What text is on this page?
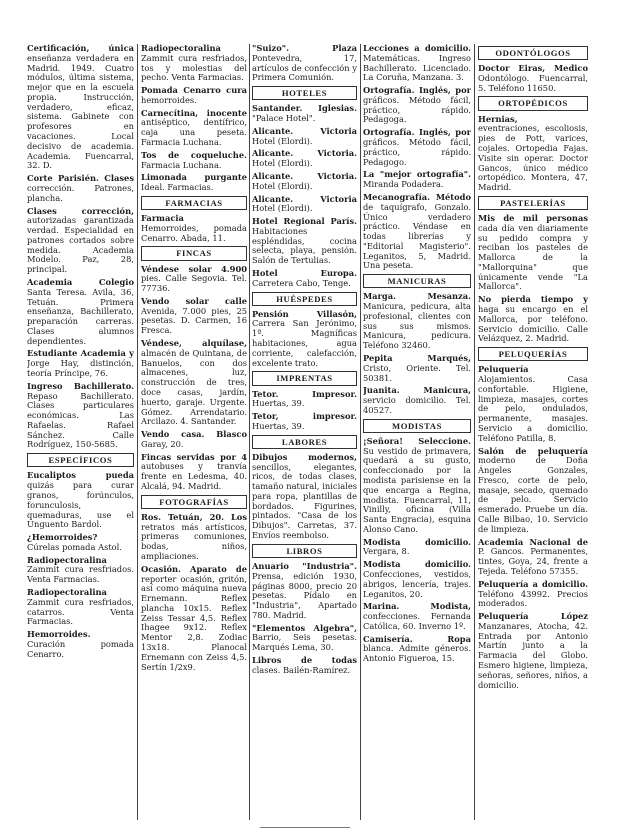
Certificación, única enseñanza verdadera en Madrid. 1949. Cuatro módulos, última sistema, mejor que en la escuela propia. Instrucción, verdadero, eficaz, sistema. Gabinete con profesores en vacaciones. Local decisivo de academia. Academia. Fuencarral, 32. D.
Corte Parisién. Clases corrección. Patrones, plancha.
Clases corrección, autorizadas garantizada verdad. Especialidad en patrones cortados sobre medida. Academia Modelo. Paz, 28, principal.
Academia Colegio Santa Teresa. Avila, 36, Tetuán. Primera enseñanza, Bachillerato, preparación carreras. Clases alumnos dependientes.
Estudiante Academia y Jorge Hay, distinción, teoría Príncipe, 76.
Ingreso Bachillerato. Repaso Bachillerato. Clases particulares económicas. Las Rafaelas. Rafael Sánchez. Calle Rodríguez, 150-5685.
ESPECÍFICOS
Eucaliptos pueda quizás para curar granos, forúnculos, forunculosis, quemaduras, use el Unguento Bardol.
¿Hemorroides? Cúrelas pomada Astol.
Radiopectoralina Zammit cura resfriados. Venta Farmacias.
Radiopectoralina Zammit cura resfriados, catarros. Venta Farmacias.
Hemorroides. Curación pomada Cenarro.
Radiopectoralina Zammit cura resfriados, tos y molestias del pecho. Venta Farmacias.
Pomada Cenarro cura hemorroides.
Carnecítina, inocente antiséptico, dentífrico, caja una peseta. Farmacia Luchana.
Tos de coqueluche. Farmacia Luchana.
Limonada purgante Ideal. Farmacias.
FARMACIAS
Farmacia Hemorroides, pomada Cenarro. Abada, 11.
FINCAS
Véndese solar 4.900 pies. Calle Segovia. Tel. 77736.
Vendo solar calle Avenida, 7.000 pies, 25 pesetas. D. Carmen, 16 Fresca.
Véndese, alquílase, almacén de Quintana, de Banuelos, con dos almacenes, luz, construcción de tres, doce casas, jardín, huerto, garaje. Urgente. Gómez. Arrendatario. Arcilazo. 4. Santander.
Vendo casa. Blasco Garay, 20.
Fincas servidas por 4 autobuses y tranvía frente en Ledesma, 40. Alcalá, 94. Madrid.
FOTOGRAFÍAS
Ros. Tetuán, 20. Los retratos más artísticos, primeras comuniones, bodas, niños, ampliaciones.
Ocasión. Aparato de reporter ocasión, gritón, así como máquina nueva Ernemann. Reflex plancha 10x15. Reflex Zeiss Tessar 4,5. Reflex Ihagee 9x12. Reflex Mentor 2,8. Zodiac 13x18. Planocal Ernemann con Zeiss 4,5. Sertín 1/2x9.
"Suizo". Plaza Pontevedra, 17, artículos de confección y Primera Comunión.
HOTELES
Santander. Iglesias. "Palace Hotel".
Alicante. Victoria Hotel (Elordi).
Alicante. Victoria. Hotel (Elordi).
Alicante. Victoria. Hotel (Elordi).
Alicante. Victoria Hotel (Elordi).
Hotel Regional París. Habitaciones espléndidas, cocina selecta, playa, pensión. Salón de Tertulias.
Hotel Europa. Carretera Cabo, Tenge.
HUÉSPEDES
Pensión Villasón, Carrera San Jerónimo, 1ª. Magníficas habitaciones, agua corriente, calefacción, excelente trato.
IMPRENTAS
Tetor. Impresor. Huertas, 39.
Tetor, impresor. Huertas, 39.
LABORES
Dibujos modernos, sencillos, elegantes, ricos, de todas clases, tamaño natural, iniciales para ropa, plantillas de bordados. Figurines, pintados. "Casa de los Dibujos". Carretas, 37. Envíos reembolso.
LIBROS
Anuario "Industria". Prensa, edición 1930, páginas 8000, precio 20 pesetas. Pídalo en "Industria", Apartado 780. Madrid.
"Elementos Algebra", Barrio, Seis pesetas. Marqués Lema, 30.
Libros de todas clases. Bailén-Ramírez.
Lecciones a domicilio. Matemáticas. Ingreso Bachillerato. Licenciado. La Coruña, Manzana. 3.
Ortografía. Inglés, por gráficos. Método fácil, práctico, rápido. Pedagoga.
Ortografía. Inglés, por gráficos. Método fácil, práctico, rápido. Pedagogo.
La "mejor ortografía". Miranda Podadera.
Mecanografía. Método de taquígrafo, Gonzalo. Único verdadero práctico. Véndase en todas librerías y "Editorial Magisterio". Leganitos, 5, Madrid. Una peseta.
MANICURAS
Marga. Mesanza. Manicura, pedicura, alta profesional, clientes con sus sus mismos. Manicura, pedicura. Teléfono 32460.
Pepita Marqués, Cristo, Oriente. Tel. 50381.
Juanita. Manicura, servicio domicilio. Tel. 40527.
MODISTAS
¡Señora! Seleccione. Su vestido de primavera, quedará a su gusto, confeccionado por la modista parisiense en la que encarga a Regina, modista. Fuencarral, 11, Vinilly, oficina (Villa Santa Engracia), esquina Alonso Cano.
Modista domicilio. Vergara, 8.
Modista domicilio. Confecciones, vestidos, abrigos, lencería, trajes. Leganitos, 20.
Marina. Modista, confecciones. Fernanda Católica, 60. Inverno 1º.
Camisería. Ropa blanca. Admite géneros. Antonio Figueroa, 15.
ODONTÓLOGOS
Doctor Eiras, Medico Odontólogo. Fuencarral, 5. Teléfono 11650.
ORTOPÉDICOS
Hernias, eventraciones, escoliosis, pies de Pott, varices, cojales. Ortopedia Fajas. Visite sin operar. Doctor Gancos, único médico ortopédico. Montera, 47, Madrid.
PASTELERÍAS
Mis de mil personas cada día ven diariamente su pedido compra y reciban los pasteles de Mallorca de la "Mallorquina" que únicamente vende "La Mallorca".
No pierda tiempo y haga su encargo en el Mallorca, por teléfono. Servicio domicilio. Calle Velázquez, 2. Madrid.
PELUQUERÍAS
Peluquería Alojamientos. Casa confortable. Higiene, limpieza, masajes, cortes de pelo, ondulados, permanente, masajes. Servicio a domicilio. Teléfono Patilla, 8.
Salón de peluquería moderno de Doña Ángeles Gonzales, Fresco, corte de pelo, masaje, secado, quemado de pelo. Servicio esmerado. Pruebe un día. Calle Bilbao, 10. Servicio de limpieza.
Academia Nacional de P. Gancos. Permanentes, tintes, Goya, 24, frente a Tejeda. Teléfono 57355.
Peluquería a domicilio. Teléfono 43992. Precios moderados.
Peluquería López Manzanares, Atocha, 42. Entrada por Antonio Martín junto a la Farmacia del Globo. Esmero higiene, limpieza, señoras, señores, niños, a domicilio.
